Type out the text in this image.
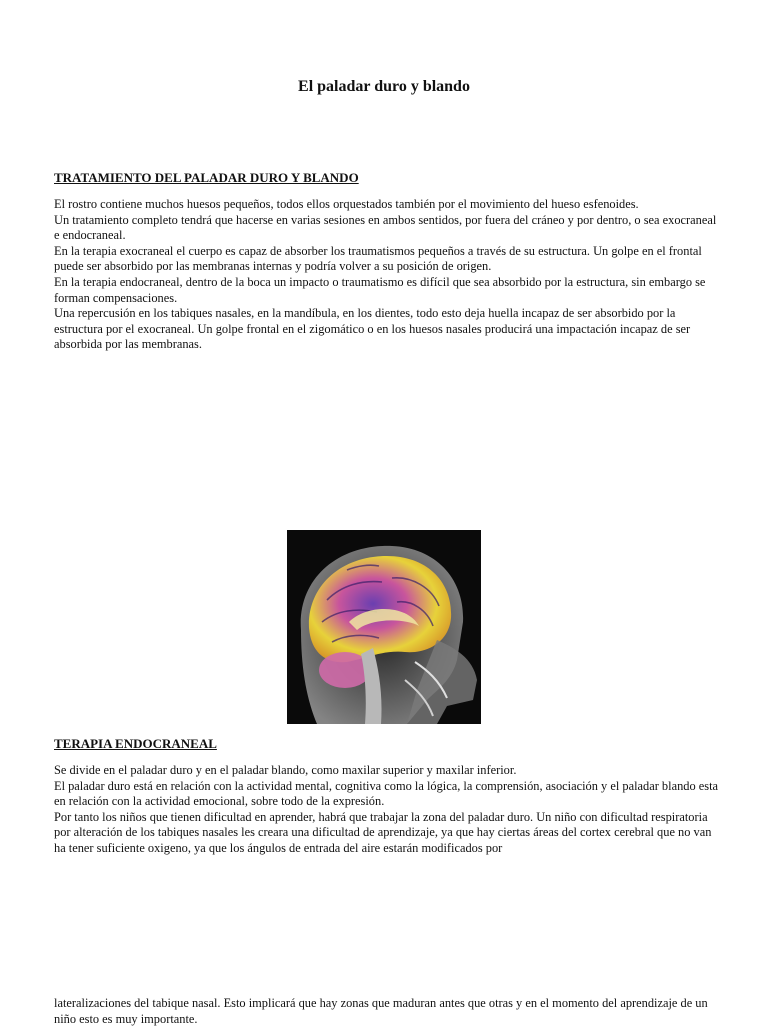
El paladar duro y blando
TRATAMIENTO DEL PALADAR DURO Y BLANDO

El rostro contiene muchos huesos pequeños, todos ellos orquestados también por el movimiento del hueso esfenoides.

Un tratamiento completo tendrá que hacerse en varias sesiones en ambos sentidos, por fuera del cráneo y por dentro, o sea exocraneal e endocraneal.

En la terapia exocraneal el cuerpo es capaz de absorber los traumatismos pequeños a través de su estructura. Un golpe en el frontal puede ser absorbido por las membranas internas y podría volver a su posición de origen.

En la terapia endocraneal, dentro de la boca un impacto o traumatismo es difícil que sea absorbido por la estructura, sin embargo se forman compensaciones.

Una repercusión en los tabiques nasales, en la mandíbula, en los dientes, todo esto deja huella incapaz de ser absorbido por la estructura por el exocraneal. Un golpe frontal en el zigomático o en los huesos nasales producirá una impactación incapaz de ser absorbida por las membranas.

TERAPIA ENDOCRANEAL

Se divide en el paladar duro y en el paladar blando, como maxilar superior y maxilar inferior.

El paladar duro está en relación con la actividad mental, cognitiva como la lógica, la comprensión, asociación y el paladar blando esta en relación con la actividad emocional, sobre todo de la expresión.

Por tanto los niños que tienen dificultad en aprender, habrá que trabajar la zona del paladar duro. Un niño con dificultad respiratoria por alteración de los tabiques nasales les creara una dificultad de aprendizaje, ya que hay ciertas áreas del cortex cerebral que no van ha tener suficiente oxigeno, ya que los ángulos de entrada del aire estarán modificados por

lateralizaciones del tabique nasal. Esto implicará que hay zonas que maduran antes que otras y en el momento del aprendizaje de un niño esto es muy importante.
